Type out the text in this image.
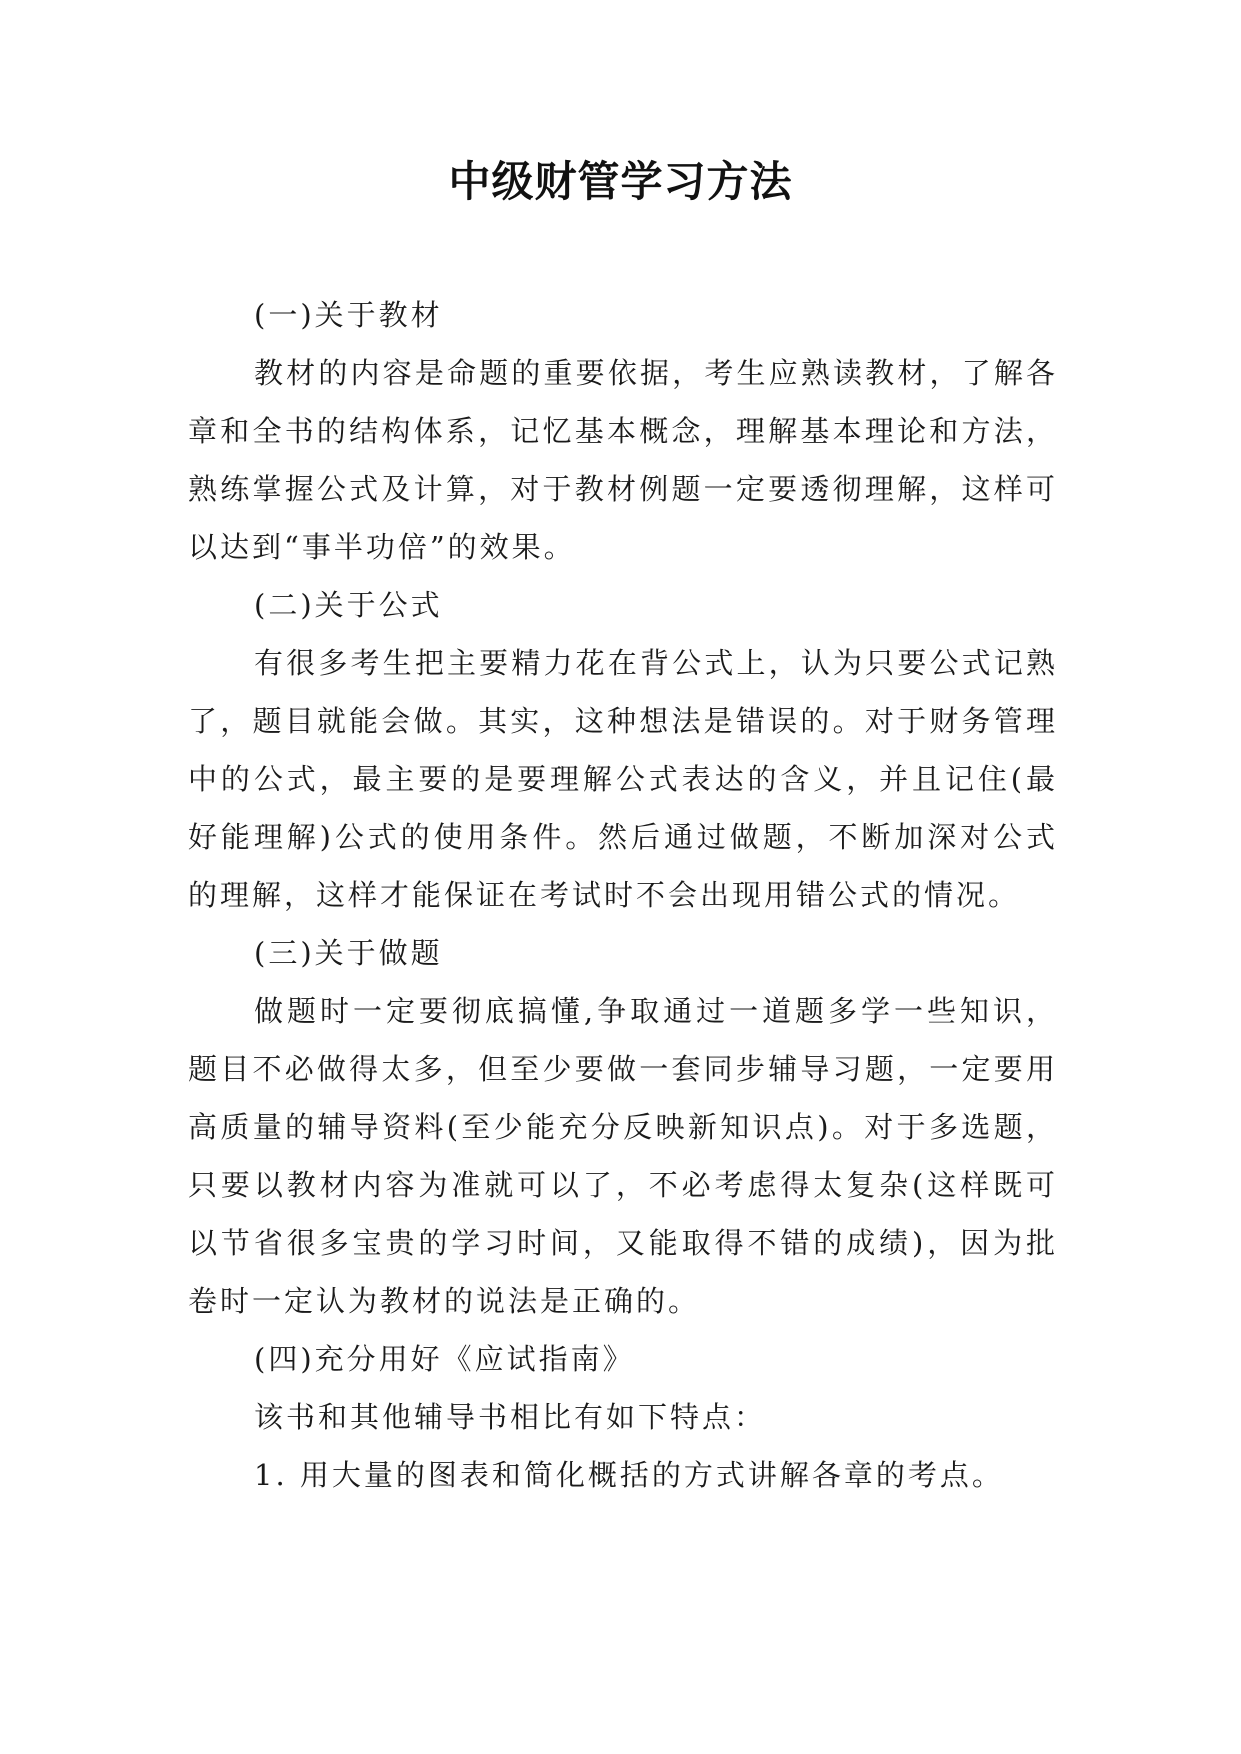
中级财管学习方法

(一)关于教材

教材的内容是命题的重要依据，考生应熟读教材，了解各章和全书的结构体系，记忆基本概念，理解基本理论和方法，熟练掌握公式及计算，对于教材例题一定要透彻理解，这样可以达到“事半功倍”的效果。

(二)关于公式

有很多考生把主要精力花在背公式上，认为只要公式记熟了，题目就能会做。其实，这种想法是错误的。对于财务管理中的公式，最主要的是要理解公式表达的含义，并且记住(最好能理解)公式的使用条件。然后通过做题，不断加深对公式的理解，这样才能保证在考试时不会出现用错公式的情况。

(三)关于做题

做题时一定要彻底搞懂,争取通过一道题多学一些知识，题目不必做得太多，但至少要做一套同步辅导习题，一定要用高质量的辅导资料(至少能充分反映新知识点)。对于多选题，只要以教材内容为准就可以了，不必考虑得太复杂(这样既可以节省很多宝贵的学习时间，又能取得不错的成绩)，因为批卷时一定认为教材的说法是正确的。

(四)充分用好《应试指南》

该书和其他辅导书相比有如下特点：

1. 用大量的图表和简化概括的方式讲解各章的考点。
